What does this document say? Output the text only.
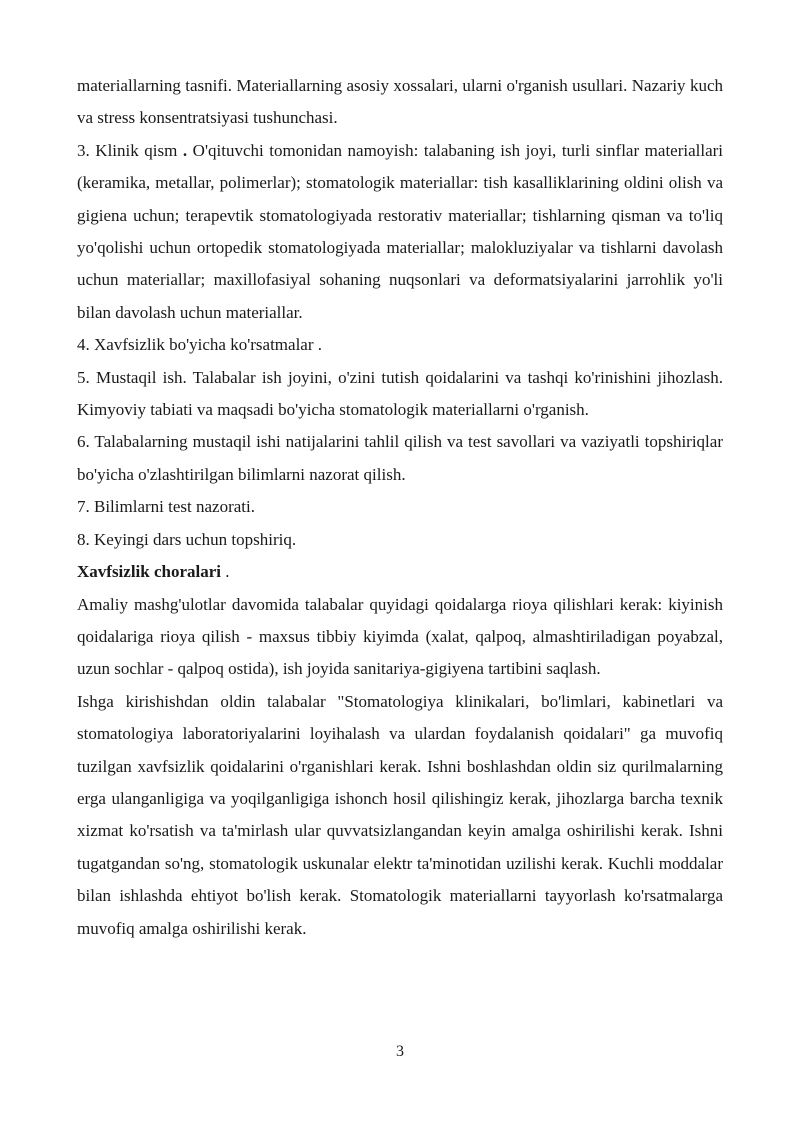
materiallarning tasnifi. Materiallarning asosiy xossalari, ularni o'rganish usullari. Nazariy kuch va stress konsentratsiyasi tushunchasi.

3. Klinik qism . O'qituvchi tomonidan namoyish: talabaning ish joyi, turli sinflar materiallari (keramika, metallar, polimerlar); stomatologik materiallar: tish kasalliklarining oldini olish va gigiena uchun; terapevtik stomatologiyada restorativ materiallar; tishlarning qisman va to'liq yo'qolishi uchun ortopedik stomatologiyada materiallar; malokluziyalar va tishlarni davolash uchun materiallar; maxillofasiyal sohaning nuqsonlari va deformatsiyalarini jarrohlik yo'li bilan davolash uchun materiallar.

4. Xavfsizlik bo'yicha ko'rsatmalar .

5. Mustaqil ish. Talabalar ish joyini, o'zini tutish qoidalarini va tashqi ko'rinishini jihozlash. Kimyoviy tabiati va maqsadi bo'yicha stomatologik materiallarni o'rganish.

6. Talabalarning mustaqil ishi natijalarini tahlil qilish va test savollari va vaziyatli topshiriqlar bo'yicha o'zlashtirilgan bilimlarni nazorat qilish.

7. Bilimlarni test nazorati.

8. Keyingi dars uchun topshiriq.

Xavfsizlik choralari .

Amaliy mashg'ulotlar davomida talabalar quyidagi qoidalarga rioya qilishlari kerak: kiyinish qoidalariga rioya qilish - maxsus tibbiy kiyimda (xalat, qalpoq, almashtiriladigan poyabzal, uzun sochlar - qalpoq ostida), ish joyida sanitariya-gigiyena tartibini saqlash.

Ishga kirishishdan oldin talabalar "Stomatologiya klinikalari, bo'limlari, kabinetlari va stomatologiya laboratoriyalarini loyihalash va ulardan foydalanish qoidalari" ga muvofiq tuzilgan xavfsizlik qoidalarini o'rganishlari kerak. Ishni boshlashdan oldin siz qurilmalarning erga ulanganligiga va yoqilganligiga ishonch hosil qilishingiz kerak, jihozlarga barcha texnik xizmat ko'rsatish va ta'mirlash ular quvvatsizlangandan keyin amalga oshirilishi kerak. Ishni tugatgandan so'ng, stomatologik uskunalar elektr ta'minotidan uzilishi kerak. Kuchli moddalar bilan ishlashda ehtiyot bo'lish kerak. Stomatologik materiallarni tayyorlash ko'rsatmalarga muvofiq amalga oshirilishi kerak.

3
